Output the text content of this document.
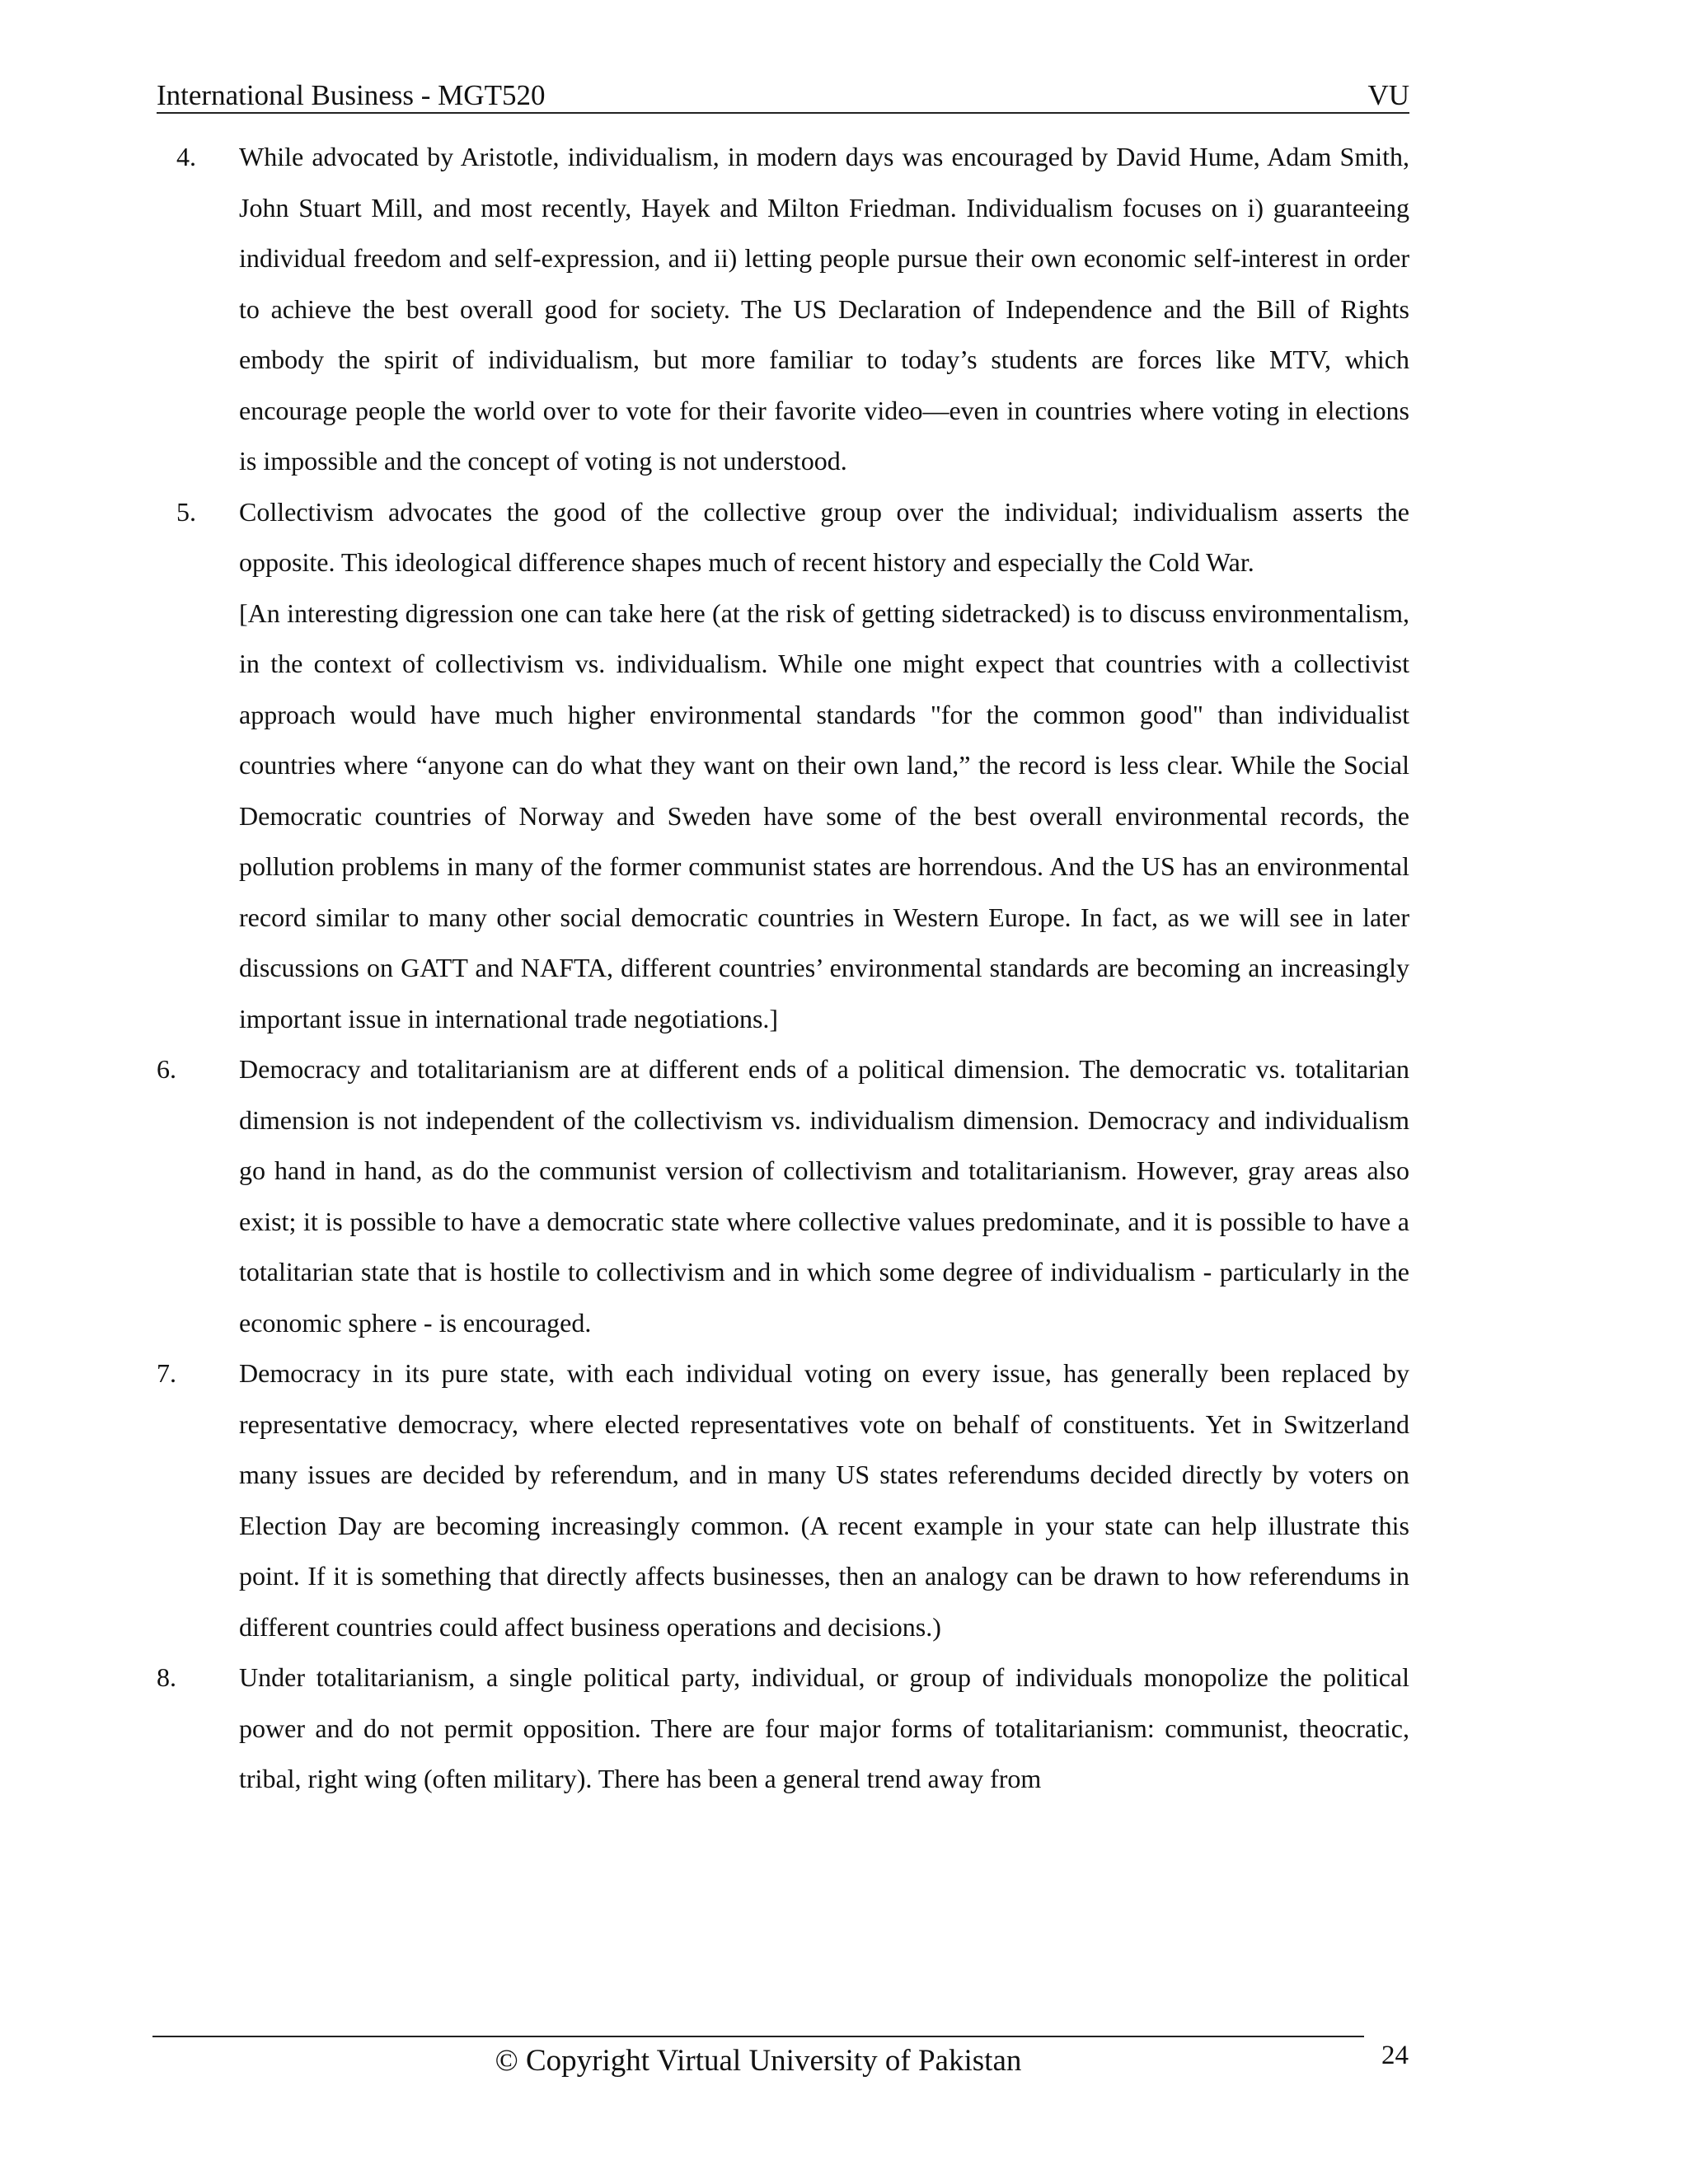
International Business - MGT520	VU
4. While advocated by Aristotle, individualism, in modern days was encouraged by David Hume, Adam Smith, John Stuart Mill, and most recently, Hayek and Milton Friedman. Individualism focuses on i) guaranteeing individual freedom and self-expression, and ii) letting people pursue their own economic self-interest in order to achieve the best overall good for society. The US Declaration of Independence and the Bill of Rights embody the spirit of individualism, but more familiar to today’s students are forces like MTV, which encourage people the world over to vote for their favorite video—even in countries where voting in elections is impossible and the concept of voting is not understood.

5. Collectivism advocates the good of the collective group over the individual; individualism asserts the opposite. This ideological difference shapes much of recent history and especially the Cold War.

[An interesting digression one can take here (at the risk of getting sidetracked) is to discuss environmentalism, in the context of collectivism vs. individualism. While one might expect that countries with a collectivist approach would have much higher environmental standards "for the common good" than individualist countries where “anyone can do what they want on their own land,” the record is less clear. While the Social Democratic countries of Norway and Sweden have some of the best overall environmental records, the pollution problems in many of the former communist states are horrendous. And the US has an environmental record similar to many other social democratic countries in Western Europe. In fact, as we will see in later discussions on GATT and NAFTA, different countries’ environmental standards are becoming an increasingly important issue in international trade negotiations.]

6. Democracy and totalitarianism are at different ends of a political dimension. The democratic vs. totalitarian dimension is not independent of the collectivism vs. individualism dimension. Democracy and individualism go hand in hand, as do the communist version of collectivism and totalitarianism. However, gray areas also exist; it is possible to have a democratic state where collective values predominate, and it is possible to have a totalitarian state that is hostile to collectivism and in which some degree of individualism - particularly in the economic sphere - is encouraged.

7. Democracy in its pure state, with each individual voting on every issue, has generally been replaced by representative democracy, where elected representatives vote on behalf of constituents. Yet in Switzerland many issues are decided by referendum, and in many US states referendums decided directly by voters on Election Day are becoming increasingly common. (A recent example in your state can help illustrate this point. If it is something that directly affects businesses, then an analogy can be drawn to how referendums in different countries could affect business operations and decisions.)

8. Under totalitarianism, a single political party, individual, or group of individuals monopolize the political power and do not permit opposition. There are four major forms of totalitarianism: communist, theocratic, tribal, right wing (often military). There has been a general trend away from

© Copyright Virtual University of Pakistan	24
